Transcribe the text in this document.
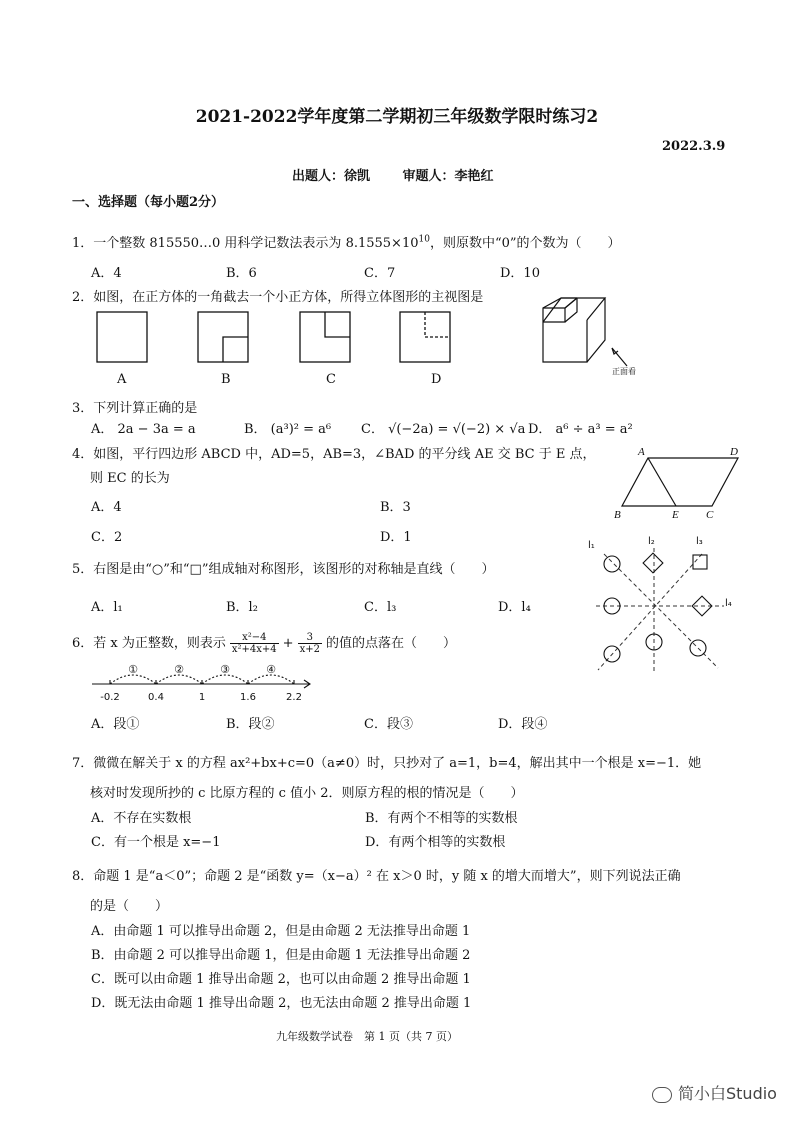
2021-2022学年度第二学期初三年级数学限时练习2
2022.3.9
出题人：徐凯	审题人：李艳红
一、选择题（每小题2分）
1．一个整数 815550…0 用科学记数法表示为 $8.1555\times 10^{10}$，则原数中“0”的个数为（　　）
A．4	B．6	C．7	D．10
2．如图，在正方体的一角截去一个小正方体，所得立体图形的主视图是
A	B	C	D
正面看
3．下列计算正确的是
A． 2a − 3a = a	B． (a³)² = a⁶ C． √(−2a) = √(−2) × √a D． a⁶ ÷ a³ = a²
4．如图，平行四边形 ABCD 中，AD=5，AB=3，∠BAD 的平分线 AE 交 BC 于 E 点，
则 EC 的长为
A．4	B．3
C．2	D．1
A	D
B	E C
5．右图是由“○”和“□”组成轴对称图形，该图形的对称轴是直线（　　）
A．l₁	B．l₂	C．l₃	D．l₄
l₁	l₂	l₃
l₄
6．若 x 为正整数，则表示 $\frac{\text{x²−4}}{\text{x²+4x+4}} + \frac{3}{x+2}$ 的值的点落在（　　）
①	②	③	④
-0.2	0.4	1	1.6	2.2
A．段①	B．段②	C．段③	D．段④
7．微微在解关于 x 的方程 ax²+bx+c=0（a≠0）时，只抄对了 a=1，b=4，解出其中一个根是 x=−1．她
核对时发现所抄的 c 比原方程的 c 值小 2．则原方程的根的情况是（　　）
A．不存在实数根	B．有两个不相等的实数根
C．有一个根是 x=−1	D．有两个相等的实数根
8．命题 1 是“a＜0”；命题 2 是“函数 y=（x−a）² 在 x＞0 时，y 随 x 的增大而增大”，则下列说法正确
的是（　　）
A．由命题 1 可以推导出命题 2，但是由命题 2 无法推导出命题 1
B．由命题 2 可以推导出命题 1，但是由命题 1 无法推导出命题 2
C．既可以由命题 1 推导出命题 2，也可以由命题 2 推导出命题 1
D．既无法由命题 1 推导出命题 2，也无法由命题 2 推导出命题 1
九年级数学试卷　第 1 页（共 7 页）
简小白Studio
